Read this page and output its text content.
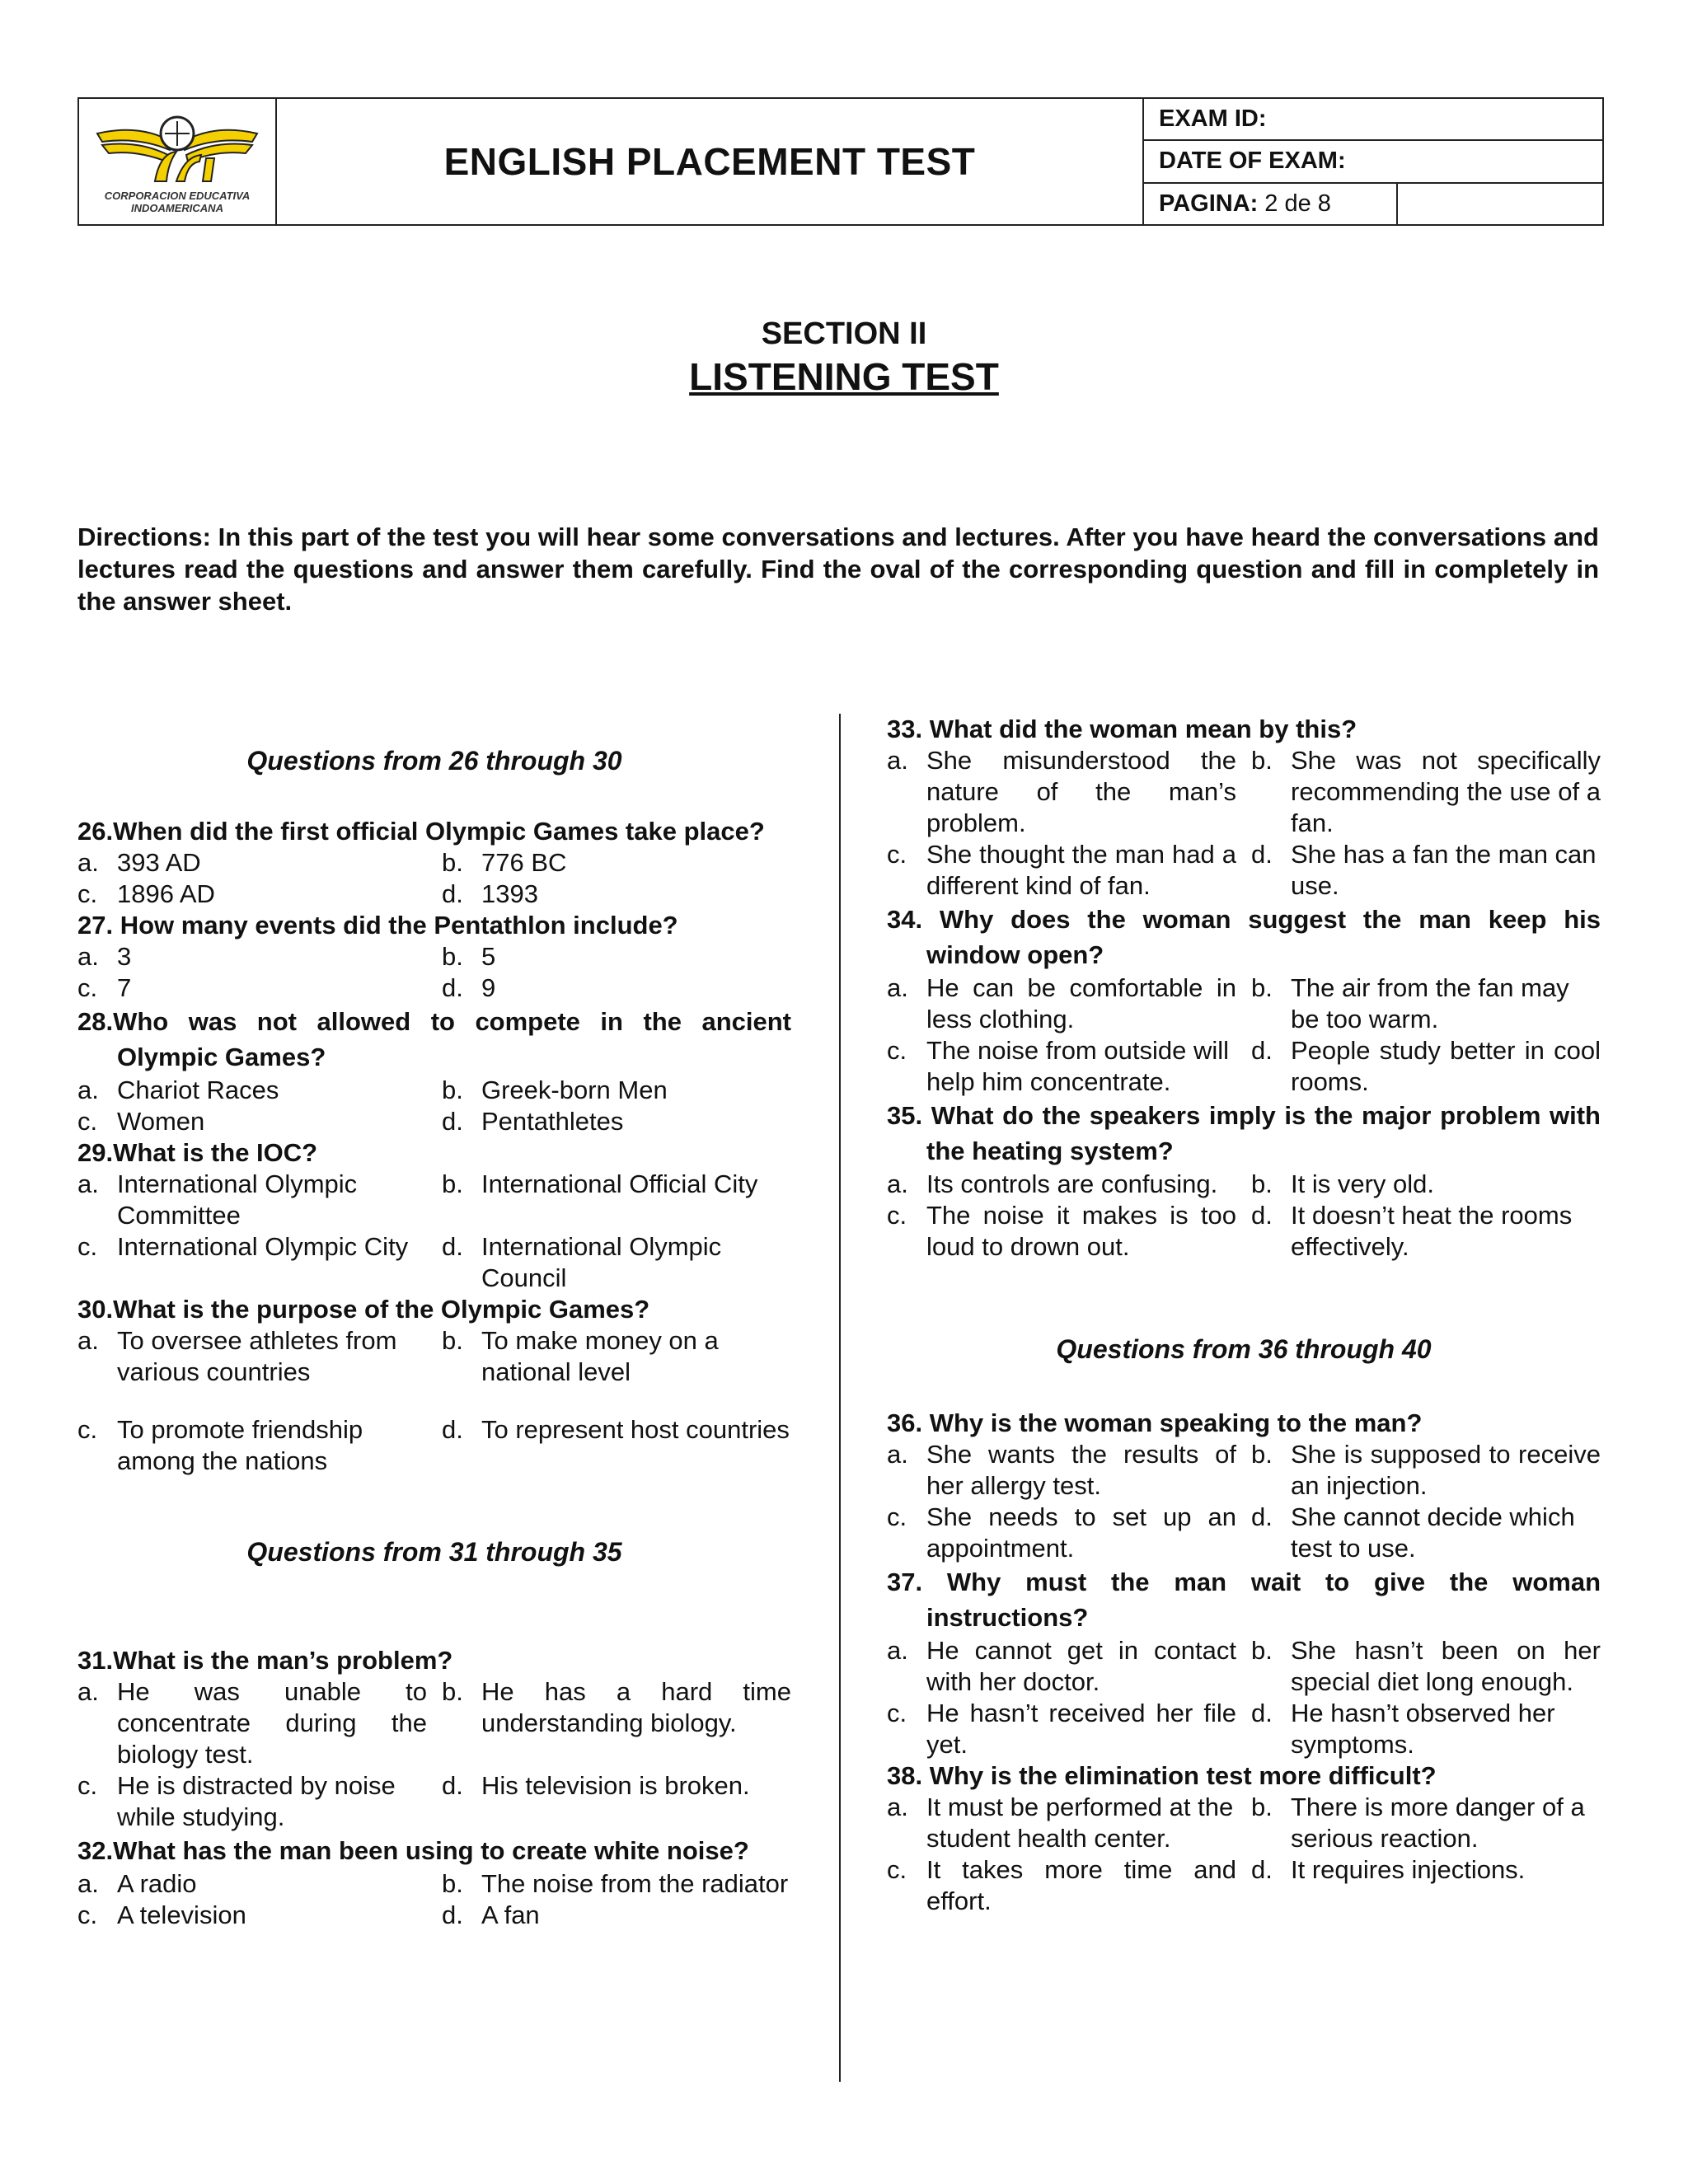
CORPORACION EDUCATIVA
INDOAMERICANA
ENGLISH PLACEMENT TEST
EXAM ID:
DATE OF EXAM:
PAGINA: 2 de 8
SECTION II
LISTENING TEST
Directions: In this part of the test you will hear some conversations and lectures. After you have heard the conversations and lectures read the questions and answer them carefully. Find the oval of the corresponding question and fill in completely in the answer sheet.
Questions from 26 through 30
26.When did the first official Olympic Games take place?
a. 393 AD	b. 776 BC
c. 1896 AD	d. 1393
27. How many events did the Pentathlon include?
a. 3	b. 5
c. 7	d. 9
28.Who was not allowed to compete in the ancient Olympic Games?
a. Chariot Races	b. Greek-born Men
c. Women	d. Pentathletes
29.What is the IOC?
a. International Olympic Committee
b. International Official City
c. International Olympic City	d. International Olympic Council
30.What is the purpose of the Olympic Games?
a. To oversee athletes from various countries
b. To make money on a national level
c. To promote friendship among the nations
d. To represent host countries
Questions from 31 through 35
31.What is the man’s problem?
a. He was unable to concentrate during the biology test.
b. He has a hard time understanding biology.
c. He is distracted by noise while studying.
d. His television is broken.
32.What has the man been using to create white noise?
a. A radio	b. The noise from the radiator
c. A television	d. A fan
33. What did the woman mean by this?
a. She misunderstood the nature of the man’s problem.
b. She was not specifically recommending the use of a fan.
c. She thought the man had a different kind of fan.
d. She has a fan the man can use.
34. Why does the woman suggest the man keep his window open?
a. He can be comfortable in less clothing.
b. The air from the fan may be too warm.
c. The noise from outside will help him concentrate.
d. People study better in cool rooms.
35. What do the speakers imply is the major problem with the heating system?
a. Its controls are confusing.	b. It is very old.
c. The noise it makes is too loud to drown out.
d. It doesn’t heat the rooms effectively.
Questions from 36 through 40
36. Why is the woman speaking to the man?
a. She wants the results of her allergy test.
b. She is supposed to receive an injection.
c. She needs to set up an appointment.
d. She cannot decide which test to use.
37. Why must the man wait to give the woman instructions?
a. He cannot get in contact with her doctor.
b. She hasn’t been on her special diet long enough.
c. He hasn’t received her file yet.
d. He hasn’t observed her symptoms.
38. Why is the elimination test more difficult?
a. It must be performed at the student health center.
b. There is more danger of a serious reaction.
c. It takes more time and effort.
d. It requires injections.
